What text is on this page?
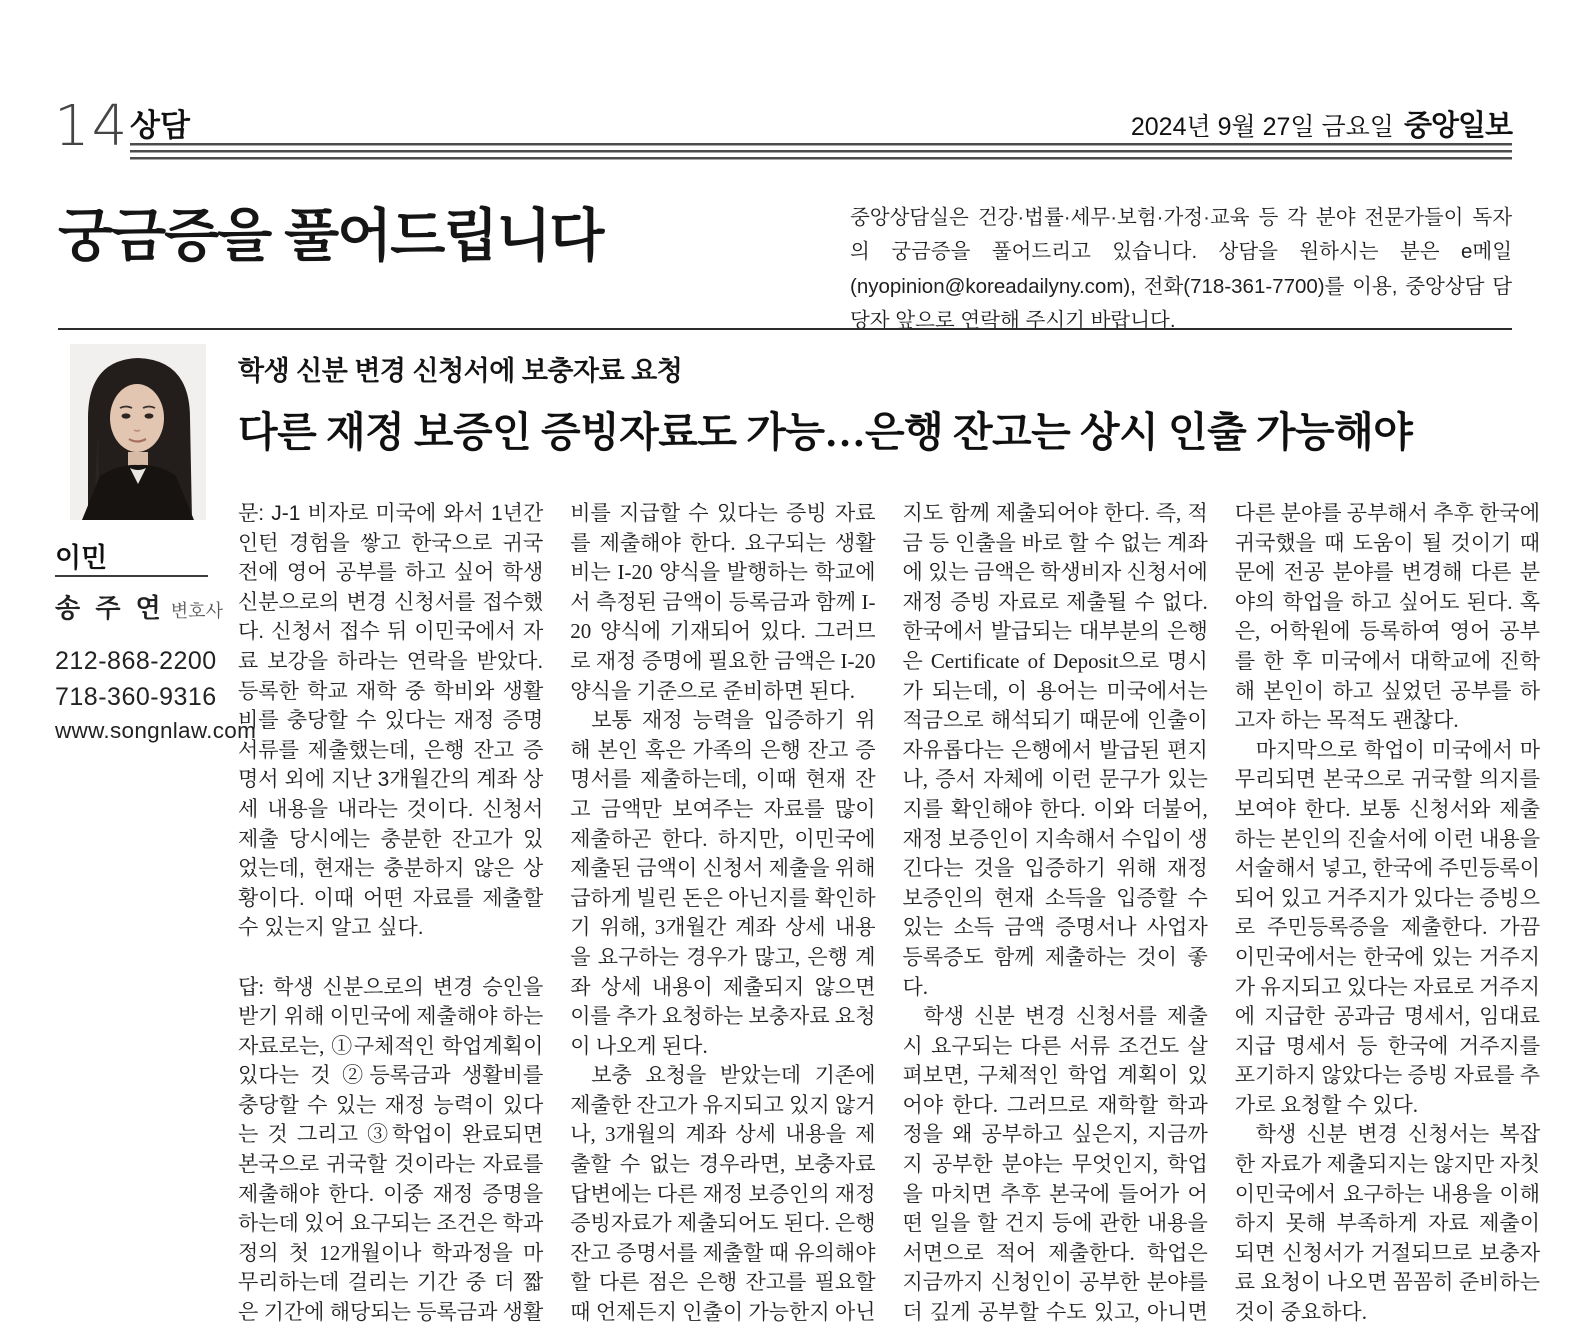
14 상담	2024년 9월 27일 금요일 중앙일보
궁금증을 풀어드립니다	중앙상담실은 건강·법률·세무·보험·가정·교육 등 각 분야 전문가들이 독자의 궁금증을 풀어드리고 있습니다. 상담을 원하시는 분은 e메일(nyopinion@koreadailyny.com), 전화(718-361-7700)를 이용, 중앙상담 담당자 앞으로 연락해 주시기 바랍니다.
이민
송 주 연 변호사
212-868-2200
718-360-9316
www.songnlaw.com
학생 신분 변경 신청서에 보충자료 요청
다른 재정 보증인 증빙자료도 가능…은행 잔고는 상시 인출 가능해야

문: J-1 비자로 미국에 와서 1년간 인턴 경험을 쌓고 한국으로 귀국 전에 영어 공부를 하고 싶어 학생 신분으로의 변경 신청서를 접수했다. 신청서 접수 뒤 이민국에서 자료 보강을 하라는 연락을 받았다. 등록한 학교 재학 중 학비와 생활비를 충당할 수 있다는 재정 증명 서류를 제출했는데, 은행 잔고 증명서 외에 지난 3개월간의 계좌 상세 내용을 내라는 것이다. 신청서 제출 당시에는 충분한 잔고가 있었는데, 현재는 충분하지 않은 상황이다. 이때 어떤 자료를 제출할 수 있는지 알고 싶다.

답: 학생 신분으로의 변경 승인을 받기 위해 이민국에 제출해야 하는 자료로는, ①구체적인 학업계획이 있다는 것 ②등록금과 생활비를 충당할 수 있는 재정 능력이 있다는 것 그리고 ③학업이 완료되면 본국으로 귀국할 것이라는 자료를 제출해야 한다. 이중 재정 증명을 하는데 있어 요구되는 조건은 학과정의 첫 12개월이나 학과정을 마무리하는데 걸리는 기간 중 더 짧은 기간에 해당되는 등록금과 생활비를 지급할 수 있다는 증빙 자료를 제출해야 한다. 요구되는 생활비는 I-20 양식을 발행하는 학교에서 측정된 금액이 등록금과 함께 I-20 양식에 기재되어 있다. 그러므로 재정 증명에 필요한 금액은 I-20 양식을 기준으로 준비하면 된다.

보통 재정 능력을 입증하기 위해 본인 혹은 가족의 은행 잔고 증명서를 제출하는데, 이때 현재 잔고 금액만 보여주는 자료를 많이 제출하곤 한다. 하지만, 이민국에 제출된 금액이 신청서 제출을 위해 급하게 빌린 돈은 아닌지를 확인하기 위해, 3개월간 계좌 상세 내용을 요구하는 경우가 많고, 은행 계좌 상세 내용이 제출되지 않으면 이를 추가 요청하는 보충자료 요청이 나오게 된다.

보충 요청을 받았는데 기존에 제출한 잔고가 유지되고 있지 않거나, 3개월의 계좌 상세 내용을 제출할 수 없는 경우라면, 보충자료 답변에는 다른 재정 보증인의 재정 증빙자료가 제출되어도 된다. 은행 잔고 증명서를 제출할 때 유의해야 할 다른 점은 은행 잔고를 필요할 때 언제든지 인출이 가능한지 아닌지도 함께 제출되어야 한다. 즉, 적금 등 인출을 바로 할 수 없는 계좌에 있는 금액은 학생비자 신청서에 재정 증빙 자료로 제출될 수 없다. 한국에서 발급되는 대부분의 은행은 Certificate of Deposit으로 명시가 되는데, 이 용어는 미국에서는 적금으로 해석되기 때문에 인출이 자유롭다는 은행에서 발급된 편지나, 증서 자체에 이런 문구가 있는지를 확인해야 한다. 이와 더불어, 재정 보증인이 지속해서 수입이 생긴다는 것을 입증하기 위해 재정 보증인의 현재 소득을 입증할 수 있는 소득 금액 증명서나 사업자 등록증도 함께 제출하는 것이 좋다.

학생 신분 변경 신청서를 제출 시 요구되는 다른 서류 조건도 살펴보면, 구체적인 학업 계획이 있어야 한다. 그러므로 재학할 학과정을 왜 공부하고 싶은지, 지금까지 공부한 분야는 무엇인지, 학업을 마치면 추후 본국에 들어가 어떤 일을 할 건지 등에 관한 내용을 서면으로 적어 제출한다. 학업은 지금까지 신청인이 공부한 분야를 더 깊게 공부할 수도 있고, 아니면 다른 분야를 공부해서 추후 한국에 귀국했을 때 도움이 될 것이기 때문에 전공 분야를 변경해 다른 분야의 학업을 하고 싶어도 된다. 혹은, 어학원에 등록하여 영어 공부를 한 후 미국에서 대학교에 진학해 본인이 하고 싶었던 공부를 하고자 하는 목적도 괜찮다.

마지막으로 학업이 미국에서 마무리되면 본국으로 귀국할 의지를 보여야 한다. 보통 신청서와 제출하는 본인의 진술서에 이런 내용을 서술해서 넣고, 한국에 주민등록이 되어 있고 거주지가 있다는 증빙으로 주민등록증을 제출한다. 가끔 이민국에서는 한국에 있는 거주지가 유지되고 있다는 자료로 거주지에 지급한 공과금 명세서, 임대료 지급 명세서 등 한국에 거주지를 포기하지 않았다는 증빙 자료를 추가로 요청할 수 있다.

학생 신분 변경 신청서는 복잡한 자료가 제출되지는 않지만 자칫 이민국에서 요구하는 내용을 이해하지 못해 부족하게 자료 제출이 되면 신청서가 거절되므로 보충자료 요청이 나오면 꼼꼼히 준비하는 것이 중요하다.
